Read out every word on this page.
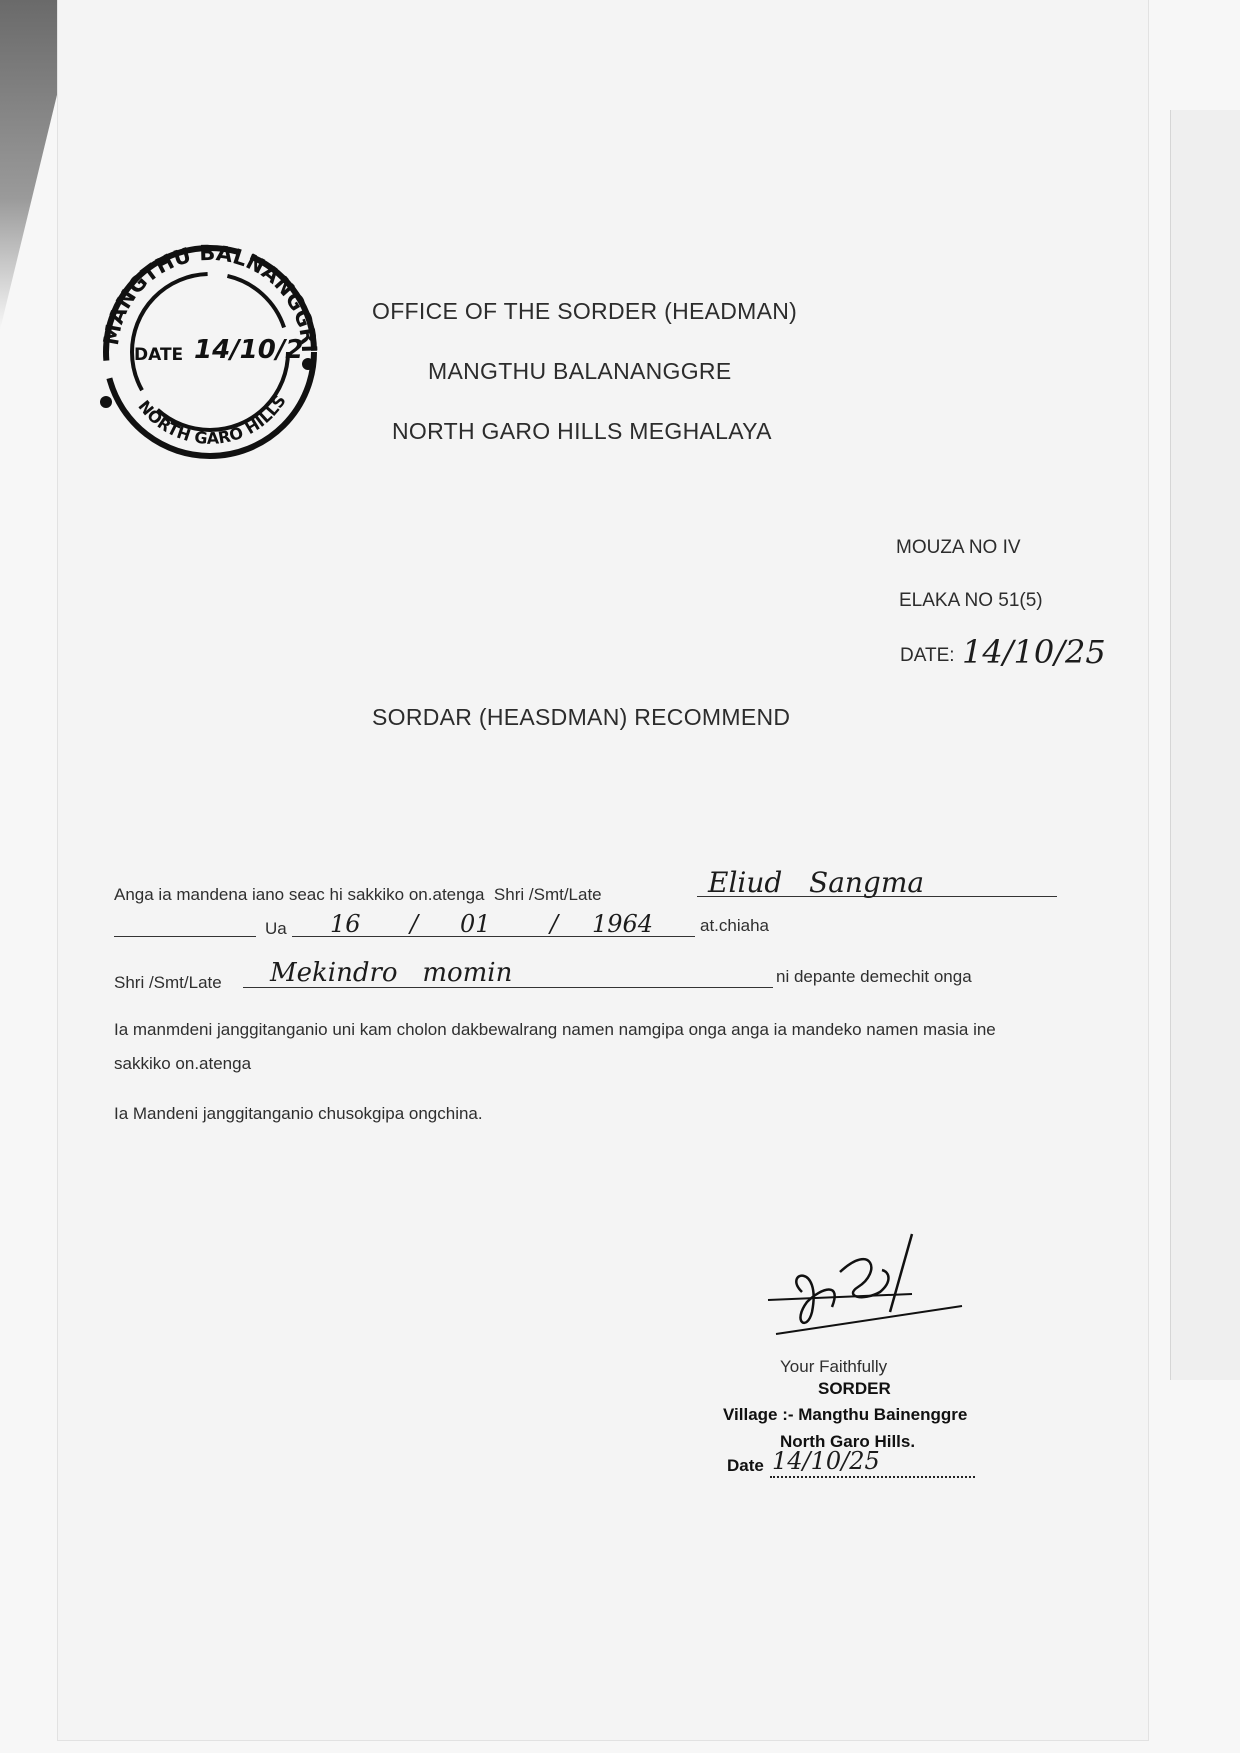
MANGTHU BALNANGGRI
NORTH GARO HILLS
DATE 14/10/2
OFFICE OF THE SORDER (HEADMAN)
MANGTHU BALANANGGRE
NORTH GARO HILLS MEGHALAYA
MOUZA NO IV
ELAKA NO 51(5)
DATE: 14/10/25
SORDAR (HEASDMAN) RECOMMEND
Anga ia mandena iano seac hi sakkiko on.atenga  Shri /Smt/Late	Eliud   Sangma
Ua 16 / 01 / 1964	at.chiaha
Shri /Smt/Late Mekindro   momin	ni depante demechit onga
Ia manmdeni janggitanganio uni kam cholon dakbewalrang namen namgipa onga anga ia mandeko namen masia ine sakkiko on.atenga
Ia Mandeni janggitanganio chusokgipa ongchina.
Your Faithfully
SORDER
Village :- Mangthu Bainenggre
North Garo Hills.
Date 14/10/25
